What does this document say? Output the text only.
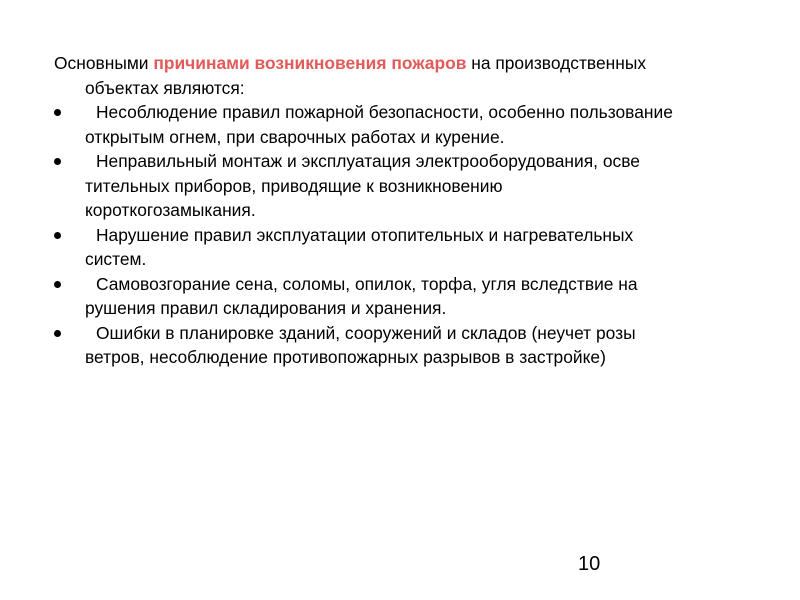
Основными причинами возникновения пожаров на производственных
объектах являются:

Несоблюдение правил пожарной безопасности, особенно пользование
открытым огнем, при сварочных работах и курение.
Неправильный монтаж и эксплуатация электрооборудования, осве
тительных приборов, приводящие к возникновению
короткогозамыкания.
Нарушение правил эксплуатации отопительных и нагревательных
систем.
Самовозгорание сена, соломы, опилок, торфа, угля вследствие на
рушения правил складирования и хранения.
Ошибки в планировке зданий, сооружений и складов (неучет розы
ветров, несоблюдение противопожарных разрывов в застройке)
10
